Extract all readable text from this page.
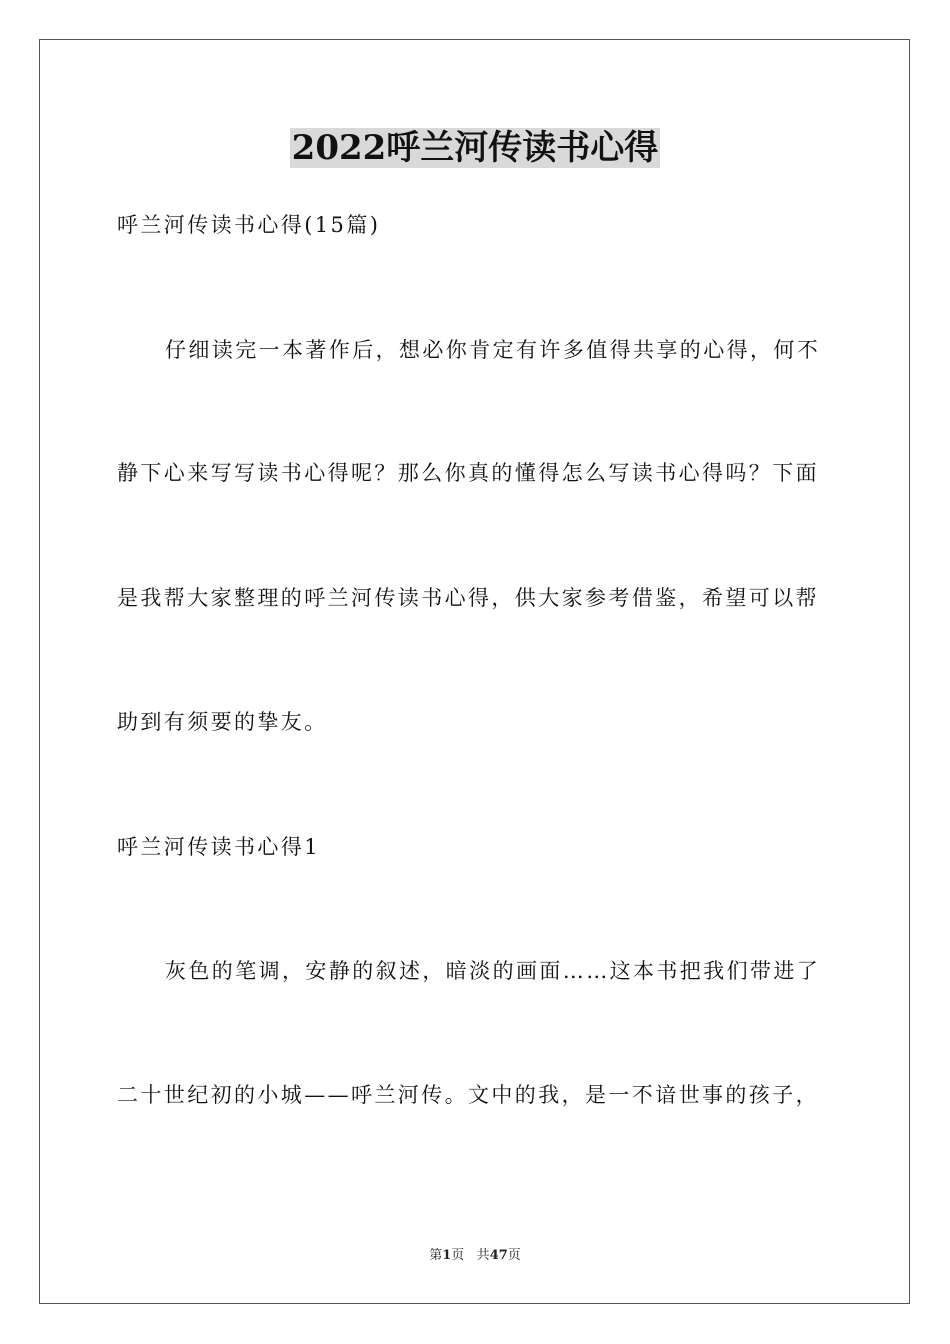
2022呼兰河传读书心得
呼兰河传读书心得(15篇)
仔细读完一本著作后，想必你肯定有许多值得共享的心得，何不
静下心来写写读书心得呢？那么你真的懂得怎么写读书心得吗？下面
是我帮大家整理的呼兰河传读书心得，供大家参考借鉴，希望可以帮
助到有须要的挚友。
呼兰河传读书心得1
灰色的笔调，安静的叙述，暗淡的画面……这本书把我们带进了
二十世纪初的小城——呼兰河传。文中的我，是一不谙世事的孩子，
第1页 共47页
